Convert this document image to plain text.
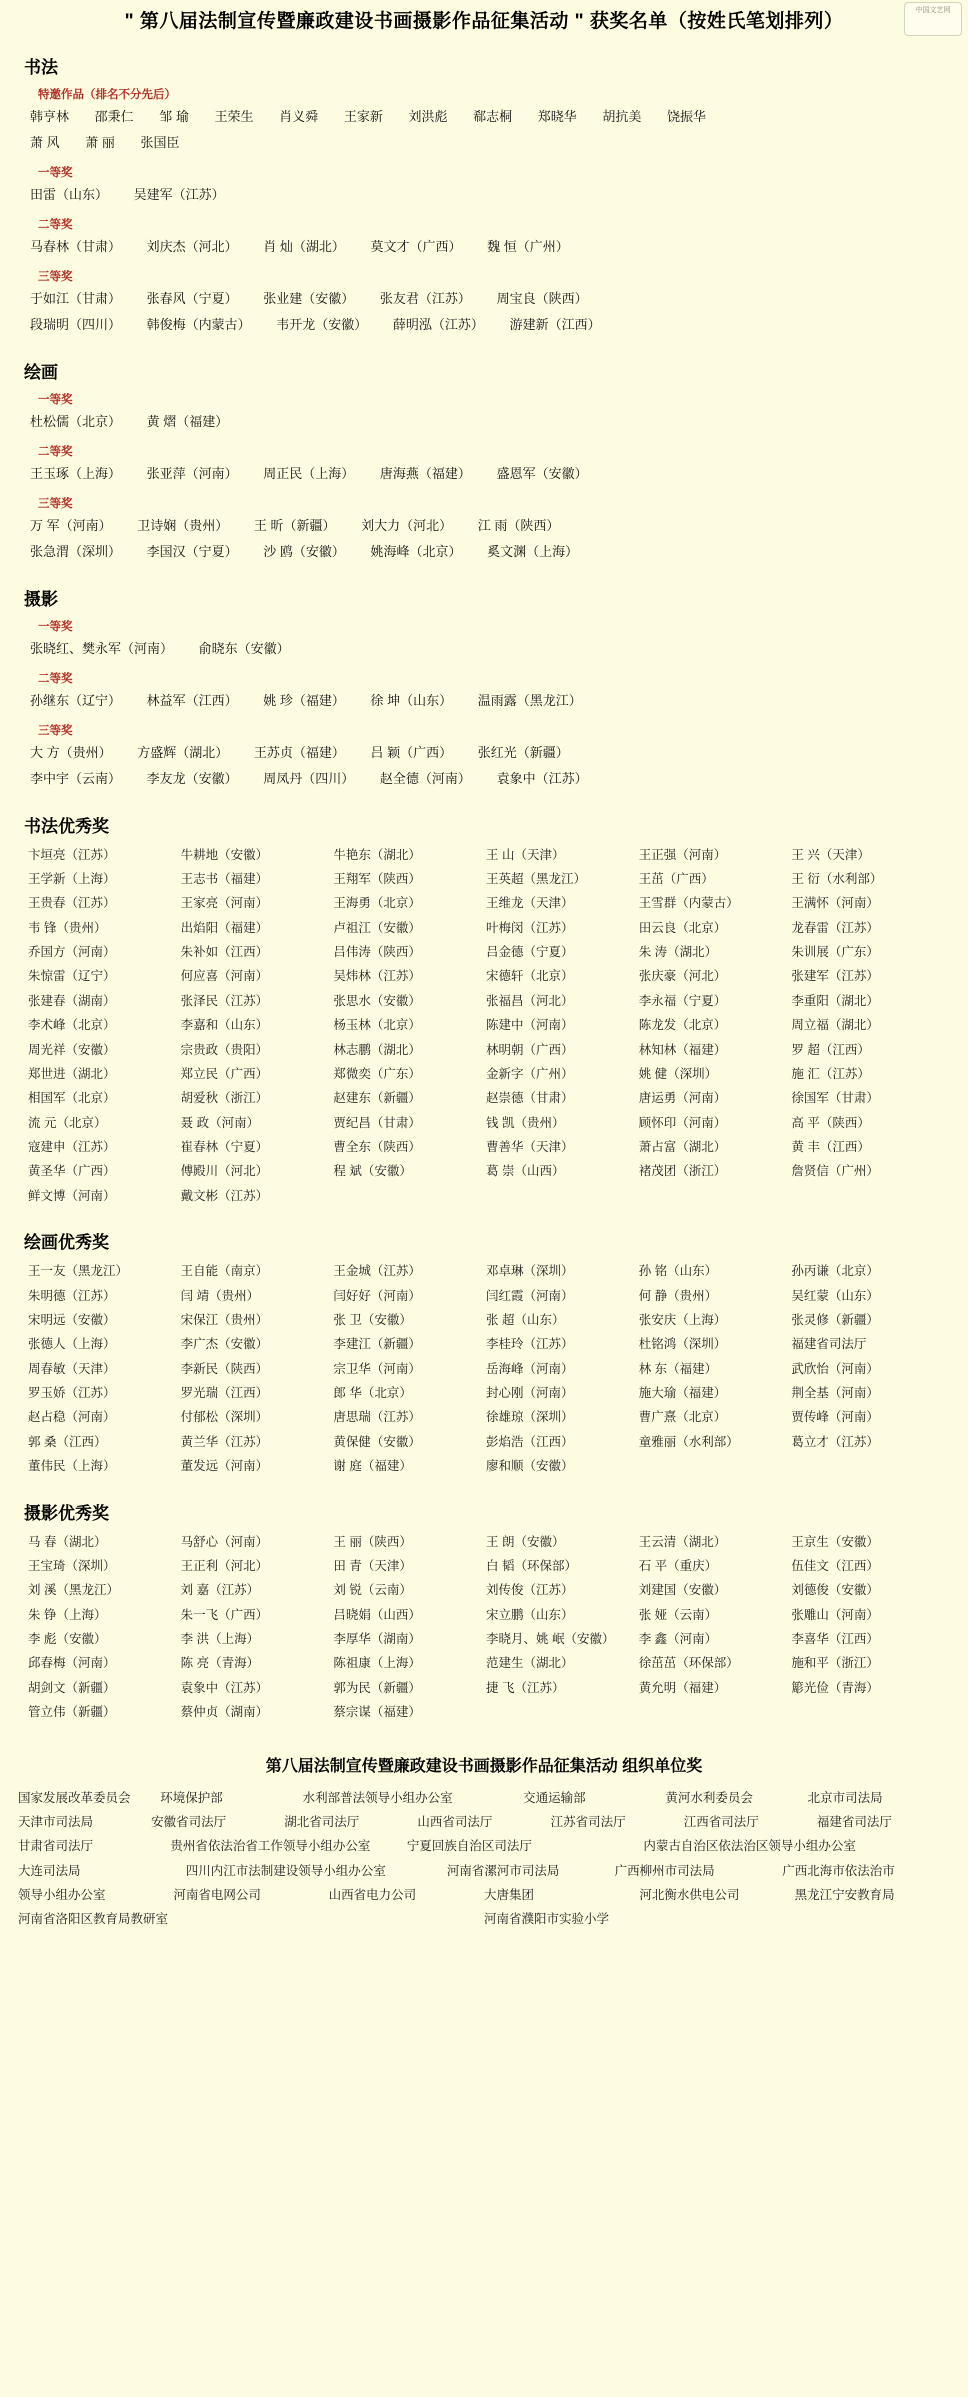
中国文艺网
" 第八届法制宣传暨廉政建设书画摄影作品征集活动 " 获奖名单（按姓氏笔划排列）
书法
特邀作品（排名不分先后）
韩亨林 邵秉仁 邹 瑜 王荣生 肖义舜 王家新 刘洪彪 郗志桐 郑晓华 胡抗美 饶振华
萧 风 萧 丽 张国臣
一等奖
田雷（山东） 吴建军（江苏）
二等奖
马春林（甘肃） 刘庆杰（河北） 肖 灿（湖北） 莫文才（广西） 魏 恒（广州）
三等奖
于如江（甘肃） 张春风（宁夏） 张业建（安徽） 张友君（江苏） 周宝良（陕西）
段瑞明（四川） 韩俊梅（内蒙古） 韦开龙（安徽） 薛明泓（江苏） 游建新（江西）
绘画
一等奖
杜松儒（北京） 黄 熠（福建）
二等奖
王玉琢（上海） 张亚萍（河南） 周正民（上海） 唐海燕（福建） 盛恩军（安徽）
三等奖
万 军（河南） 卫诗娴（贵州） 王 昕（新疆） 刘大力（河北） 江 雨（陕西）
张急渭（深圳） 李国汉（宁夏） 沙 鸥（安徽） 姚海峰（北京） 奚文渊（上海）
摄影
一等奖
张晓红、樊永军（河南） 俞晓东（安徽）
二等奖
孙继东（辽宁） 林益军（江西） 姚 珍（福建） 徐 坤（山东） 温雨露（黑龙江）
三等奖
大 方（贵州） 方盛辉（湖北） 王苏贞（福建） 吕 颖（广西） 张红光（新疆）
李中宇（云南） 李友龙（安徽） 周凤丹（四川） 赵全德（河南） 袁象中（江苏）
书法优秀奖
卞垣亮（江苏）	牛耕地（安徽）	牛艳东（湖北）	王 山（天津）	王正强（河南）	王 兴（天津）
王学新（上海）	王志书（福建）	王翔军（陕西）	王英超（黑龙江）	王茁（广西）	王 衍（水利部）
王贵春（江苏）	王家亮（河南）	王海勇（北京）	王维龙（天津）	王雪群（内蒙古）	王满怀（河南）
韦 锋（贵州）	出焰阳（福建）	卢祖江（安徽）	叶梅闵（江苏）	田云良（北京）	龙春雷（江苏）
乔国方（河南）	朱补如（江西）	吕伟涛（陕西）	吕金德（宁夏）	朱 涛（湖北）	朱训展（广东）
朱惊雷（辽宁）	何应喜（河南）	吴炜林（江苏）	宋德轩（北京）	张庆豪（河北）	张建军（江苏）
张建春（湖南）	张泽民（江苏）	张思水（安徽）	张福昌（河北）	李永福（宁夏）	李重阳（湖北）
李术峰（北京）	李嘉和（山东）	杨玉林（北京）	陈建中（河南）	陈龙发（北京）	周立福（湖北）
周光祥（安徽）	宗贵政（贵阳）	林志鹏（湖北）	林明朝（广西）	林知林（福建）	罗 超（江西）
郑世进（湖北）	郑立民（广西）	郑微奕（广东）	金新字（广州）	姚 健（深圳）	施 汇（江苏）
相国军（北京）	胡爱秋（浙江）	赵建东（新疆）	赵崇德（甘肃）	唐运勇（河南）	徐国军（甘肃）
流 元（北京）	聂 政（河南）	贾纪昌（甘肃）	钱 凯（贵州）	顾怀印（河南）	高 平（陕西）
寇建申（江苏）	崔春林（宁夏）	曹全东（陕西）	曹善华（天津）	萧占富（湖北）	黄 丰（江西）
黄圣华（广西）	傅殿川（河北）	程 斌（安徽）	葛 崇（山西）	褚茂团（浙江）	詹贤信（广州）
鲜文博（河南）	戴文彬（江苏）
绘画优秀奖
王一友（黑龙江）	王自能（南京）	王金城（江苏）	邓卓琳（深圳）	孙 铭（山东）	孙丙谦（北京）
朱明德（江苏）	闫 靖（贵州）	闫好好（河南）	闫红霞（河南）	何 静（贵州）	吴红蒙（山东）
宋明远（安徽）	宋保江（贵州）	张 卫（安徽）	张 超（山东）	张安庆（上海）	张灵修（新疆）
张德人（上海）	李广杰（安徽）	李建江（新疆）	李桂玲（江苏）	杜铭鸿（深圳）	福建省司法厅
周春敏（天津）	李新民（陕西）	宗卫华（河南）	岳海峰（河南）	林 东（福建）	武欣怡（河南）
罗玉娇（江苏）	罗光瑞（江西）	郎 华（北京）	封心刚（河南）	施大瑜（福建）	荆全基（河南）
赵占稳（河南）	付郁松（深圳）	唐思瑞（江苏）	徐雄琼（深圳）	曹广熹（北京）	贾传峰（河南）
郭 桑（江西）	黄兰华（江苏）	黄保健（安徽）	彭焰浩（江西）	童雅丽（水利部）	葛立才（江苏）
董伟民（上海）	董发远（河南）	谢 庭（福建）	廖和顺（安徽）
摄影优秀奖
马 春（湖北）	马舒心（河南）	王 丽（陕西）	王 朗（安徽）	王云清（湖北）	王京生（安徽）
王宝琦（深圳）	王正利（河北）	田 青（天津）	白 韬（环保部）	石 平（重庆）	伍佳文（江西）
刘 溪（黑龙江）	刘 嘉（江苏）	刘 锐（云南）	刘传俊（江苏）	刘建国（安徽）	刘德俊（安徽）
朱 铮（上海）	朱一飞（广西）	吕晓娟（山西）	宋立鹏（山东）	张 娅（云南）	张雕山（河南）
李 彪（安徽）	李 洪（上海）	李厚华（湖南）	李晓月、姚 岷（安徽）	李 鑫（河南）	李喜华（江西）
邱春梅（河南）	陈 亮（青海）	陈祖康（上海）	范建生（湖北）	徐茁茁（环保部）	施和平（浙江）
胡剑文（新疆）	袁象中（江苏）	郭为民（新疆）	捷 飞（江苏）	黄允明（福建）	簓光俭（青海）
管立伟（新疆）	蔡仲贞（湖南）	蔡宗谋（福建）
第八届法制宣传暨廉政建设书画摄影作品征集活动 组织单位奖
国家发展改革委员会	环境保护部	水利部普法领导小组办公室	交通运输部	黄河水利委员会	北京市司法局
天津市司法局	安徽省司法厅	湖北省司法厅	山西省司法厅	江苏省司法厅	江西省司法厅	福建省司法厅
甘肃省司法厅	贵州省依法治省工作领导小组办公室	宁夏回族自治区司法厅	内蒙古自治区依法治区领导小组办公室
大连司法局	四川内江市法制建设领导小组办公室	河南省漯河市司法局	广西柳州市司法局	广西北海市依法治市
领导小组办公室	河南省电网公司	山西省电力公司	大唐集团	河北衡水供电公司	黑龙江宁安教育局
河南省洛阳区教育局教研室	河南省濮阳市实验小学
